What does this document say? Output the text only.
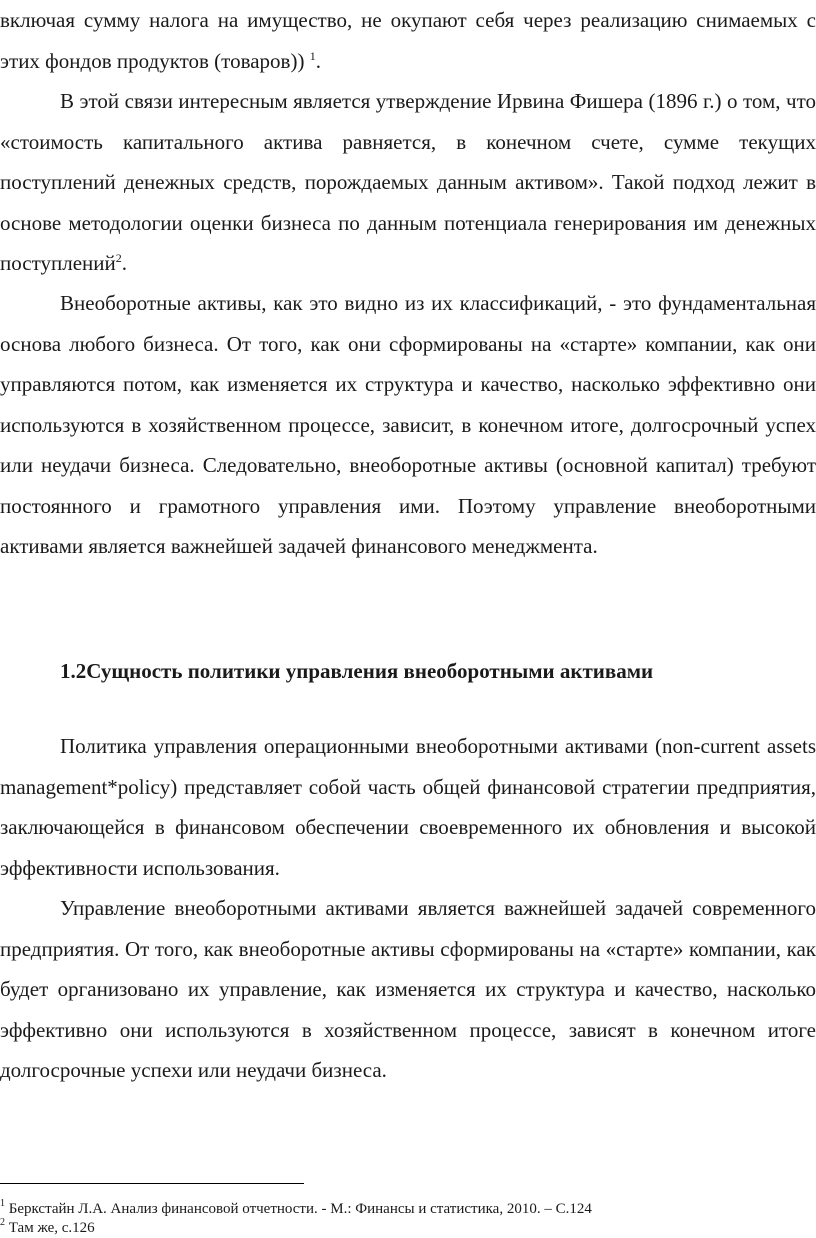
включая сумму налога на имущество, не окупают себя через реализацию снимаемых с этих фондов продуктов (товаров)) $^1$.

В этой связи интересным является утверждение Ирвина Фишера (1896 г.) о том, что «стоимость капитального актива равняется, в конечном счете, сумме текущих поступлений денежных средств, порождаемых данным активом». Такой подход лежит в основе методологии оценки бизнеса по данным потенциала генерирования им денежных поступлений$^2$.

Внеоборотные активы, как это видно из их классификаций, - это фундаментальная основа любого бизнеса. От того, как они сформированы на «старте» компании, как они управляются потом, как изменяется их структура и качество, насколько эффективно они используются в хозяйственном процессе, зависит, в конечном итоге, долгосрочный успех или неудачи бизнеса. Следовательно, внеоборотные активы (основной капитал) требуют постоянного и грамотного управления ими. Поэтому управление внеоборотными активами является важнейшей задачей финансового менеджмента.

1.2Сущность политики управления внеоборотными активами

Политика управления операционными внеоборотными активами (non-current assets management*policy) представляет собой часть общей финансовой стратегии предприятия, заключающейся в финансовом обеспечении своевременного их обновления и высокой эффективности использования.

Управление внеоборотными активами является важнейшей задачей современного предприятия. От того, как внеоборотные активы сформированы на «старте» компании, как будет организовано их управление, как изменяется их структура и качество, насколько эффективно они используются в хозяйственном процессе, зависят в конечном итоге долгосрочные успехи или неудачи бизнеса.

$^1$ Беркстайн Л.А. Анализ финансовой отчетности. - М.: Финансы и статистика, 2010. – С.124

$^2$ Там же, с.126
